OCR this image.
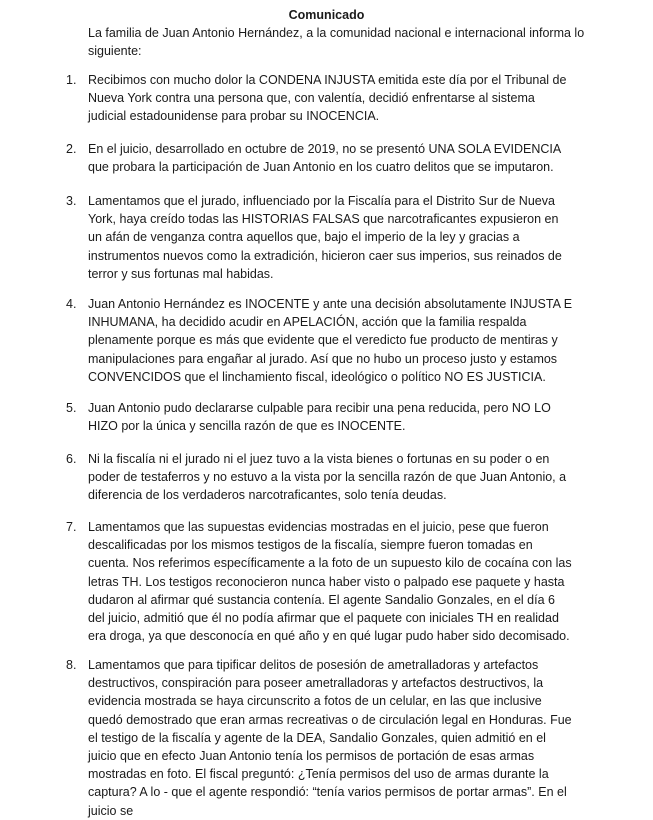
Comunicado
La familia de Juan Antonio Hernández, a la comunidad nacional e internacional informa lo siguiente:
1. Recibimos con mucho dolor la CONDENA INJUSTA emitida este día por el Tribunal de Nueva York contra una persona que, con valentía, decidió enfrentarse al sistema judicial estadounidense para probar su INOCENCIA.
2. En el juicio, desarrollado en octubre de 2019, no se presentó UNA SOLA EVIDENCIA que probara la participación de Juan Antonio en los cuatro delitos que se imputaron.
3. Lamentamos que el jurado, influenciado por la Fiscalía para el Distrito Sur de Nueva York, haya creído todas las HISTORIAS FALSAS que narcotraficantes expusieron en un afán de venganza contra aquellos que, bajo el imperio de la ley y gracias a instrumentos nuevos como la extradición, hicieron caer sus imperios, sus reinados de terror y sus fortunas mal habidas.
4. Juan Antonio Hernández es INOCENTE y ante una decisión absolutamente INJUSTA E INHUMANA, ha decidido acudir en APELACIÓN, acción que la familia respalda plenamente porque es más que evidente que el veredicto fue producto de mentiras y manipulaciones para engañar al jurado. Así que no hubo un proceso justo y estamos CONVENCIDOS que el linchamiento fiscal, ideológico o político NO ES JUSTICIA.
5. Juan Antonio pudo declararse culpable para recibir una pena reducida, pero NO LO HIZO por la única y sencilla razón de que es INOCENTE.
6. Ni la fiscalía ni el jurado ni el juez tuvo a la vista bienes o fortunas en su poder o en poder de testaferros y no estuvo a la vista por la sencilla razón de que Juan Antonio, a diferencia de los verdaderos narcotraficantes, solo tenía deudas.
7. Lamentamos que las supuestas evidencias mostradas en el juicio, pese que fueron descalificadas por los mismos testigos de la fiscalía, siempre fueron tomadas en cuenta. Nos referimos específicamente a la foto de un supuesto kilo de cocaína con las letras TH. Los testigos reconocieron nunca haber visto o palpado ese paquete y hasta dudaron al afirmar qué sustancia contenía. El agente Sandalio Gonzales, en el día 6 del juicio, admitió que él no podía afirmar que el paquete con iniciales TH en realidad era droga, ya que desconocía en qué año y en qué lugar pudo haber sido decomisado.
8. Lamentamos que para tipificar delitos de posesión de ametralladoras y artefactos destructivos, conspiración para poseer ametralladoras y artefactos destructivos, la evidencia mostrada se haya circunscrito a fotos de un celular, en las que inclusive quedó demostrado que eran armas recreativas o de circulación legal en Honduras. Fue el testigo de la fiscalía y agente de la DEA, Sandalio Gonzales, quien admitió en el juicio que en efecto Juan Antonio tenía los permisos de portación de esas armas mostradas en foto. El fiscal preguntó: ¿Tenía permisos del uso de armas durante la captura? A lo - que el agente respondió: “tenía varios permisos de portar armas”. En el juicio se
